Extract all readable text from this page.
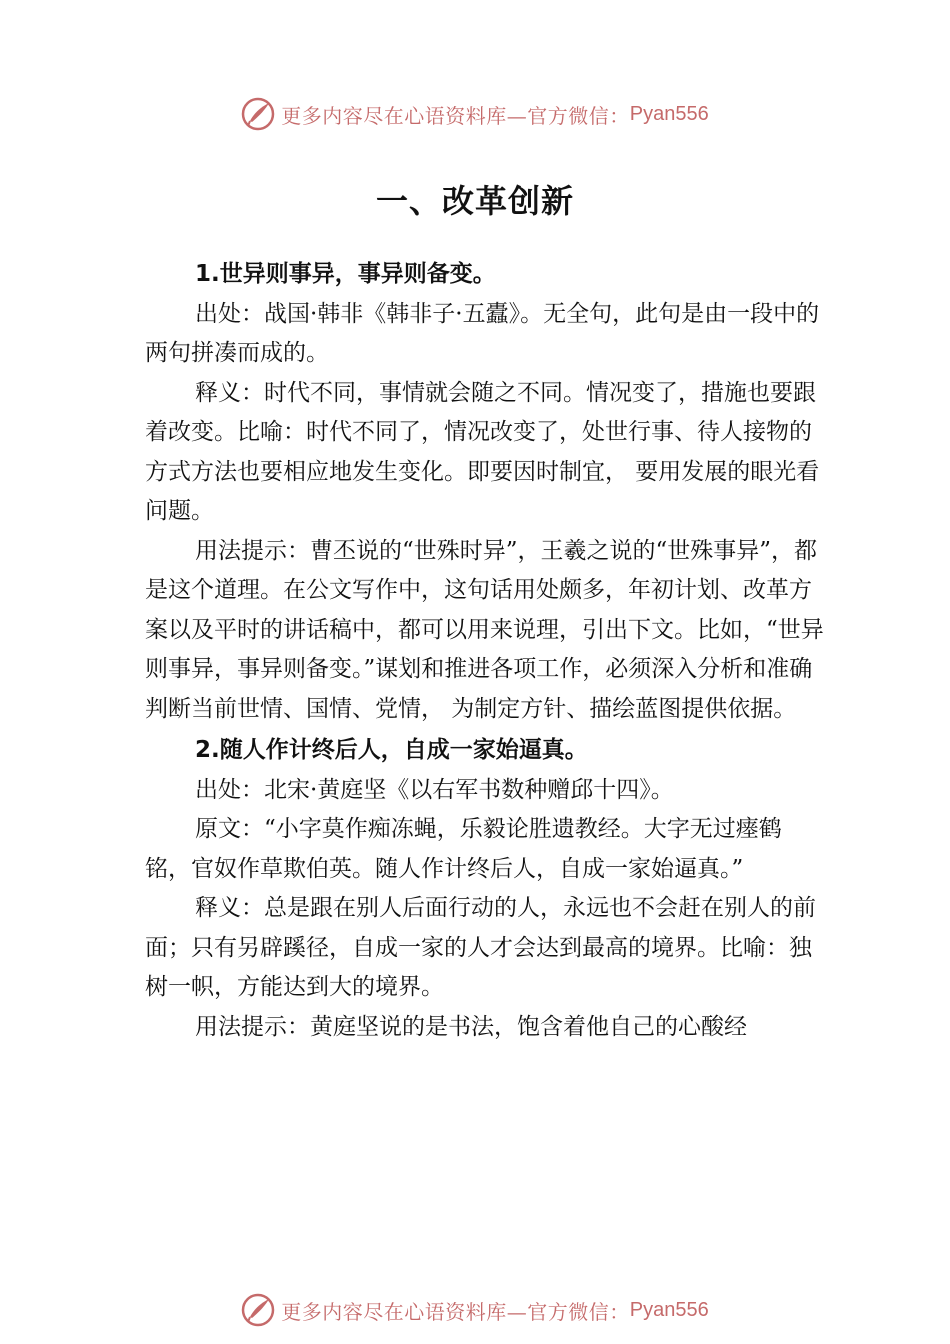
更多内容尽在心语资料库—官方微信： Pyan556
一、改革创新

1.世异则事异，事异则备变。

出处：战国·韩非《韩非子·五蠹》。无全句，此句是由一段中的两句拼凑而成的。

释义：时代不同，事情就会随之不同。情况变了，措施也要跟着改变。比喻：时代不同了，情况改变了，处世行事、待人接物的方式方法也要相应地发生变化。即要因时制宜， 要用发展的眼光看问题。

用法提示：曹丕说的“世殊时异”，王羲之说的“世殊事异”，都是这个道理。在公文写作中，这句话用处颇多，年初计划、改革方案以及平时的讲话稿中，都可以用来说理，引出下文。比如，“世异则事异，事异则备变。”谋划和推进各项工作，必须深入分析和准确判断当前世情、国情、党情， 为制定方针、描绘蓝图提供依据。

2.随人作计终后人，自成一家始逼真。

出处：北宋·黄庭坚《以右军书数种赠邱十四》。

原文：“小字莫作痴冻蝇，乐毅论胜遗教经。大字无过瘗鹤铭，官奴作草欺伯英。随人作计终后人，自成一家始逼真。”

释义：总是跟在别人后面行动的人，永远也不会赶在别人的前面；只有另辟蹊径，自成一家的人才会达到最高的境界。比喻：独树一帜，方能达到大的境界。

用法提示：黄庭坚说的是书法，饱含着他自己的心酸经

更多内容尽在心语资料库—官方微信： Pyan556
